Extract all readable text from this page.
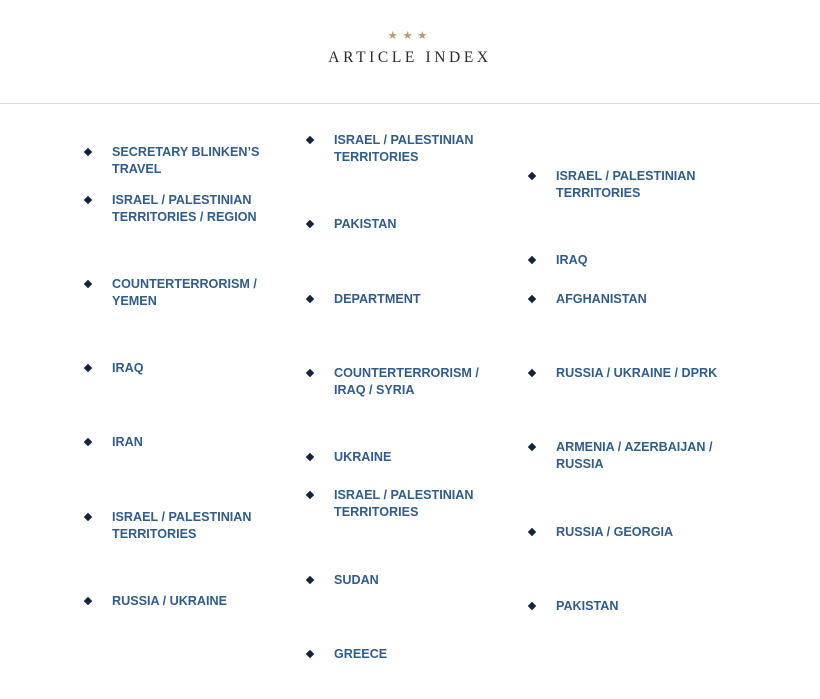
★★★
ARTICLE INDEX
SECRETARY BLINKEN’S TRAVEL
ISRAEL / PALESTINIAN TERRITORIES / REGION
COUNTERTERRORISM / YEMEN
IRAQ
IRAN
ISRAEL / PALESTINIAN TERRITORIES
RUSSIA / UKRAINE
ISRAEL / PALESTINIAN TERRITORIES
PAKISTAN
DEPARTMENT
COUNTERTERRORISM / IRAQ / SYRIA
UKRAINE
ISRAEL / PALESTINIAN TERRITORIES
SUDAN
GREECE
ISRAEL / PALESTINIAN TERRITORIES
IRAQ
AFGHANISTAN
RUSSIA / UKRAINE / DPRK
ARMENIA / AZERBAIJAN / RUSSIA
RUSSIA / GEORGIA
PAKISTAN
